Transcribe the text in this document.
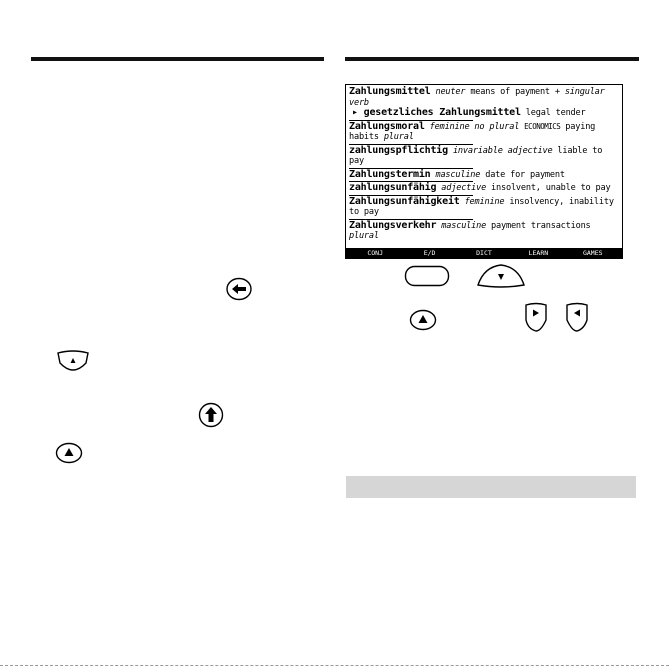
Zahlungsmittel neuter means of payment + singular verb
▸ gesetzliches Zahlungsmittel legal tender
Zahlungsmoral feminine no plural ECONOMICS paying habits plural
zahlungspflichtig invariable adjective liable to pay
Zahlungstermin masculine date for payment
zahlungsunfähig adjective insolvent, unable to pay
Zahlungsunfähigkeit feminine insolvency, inability to pay
Zahlungsverkehr masculine payment transactions plural
CONJ	E/D	DICT	LEARN	GAMES
